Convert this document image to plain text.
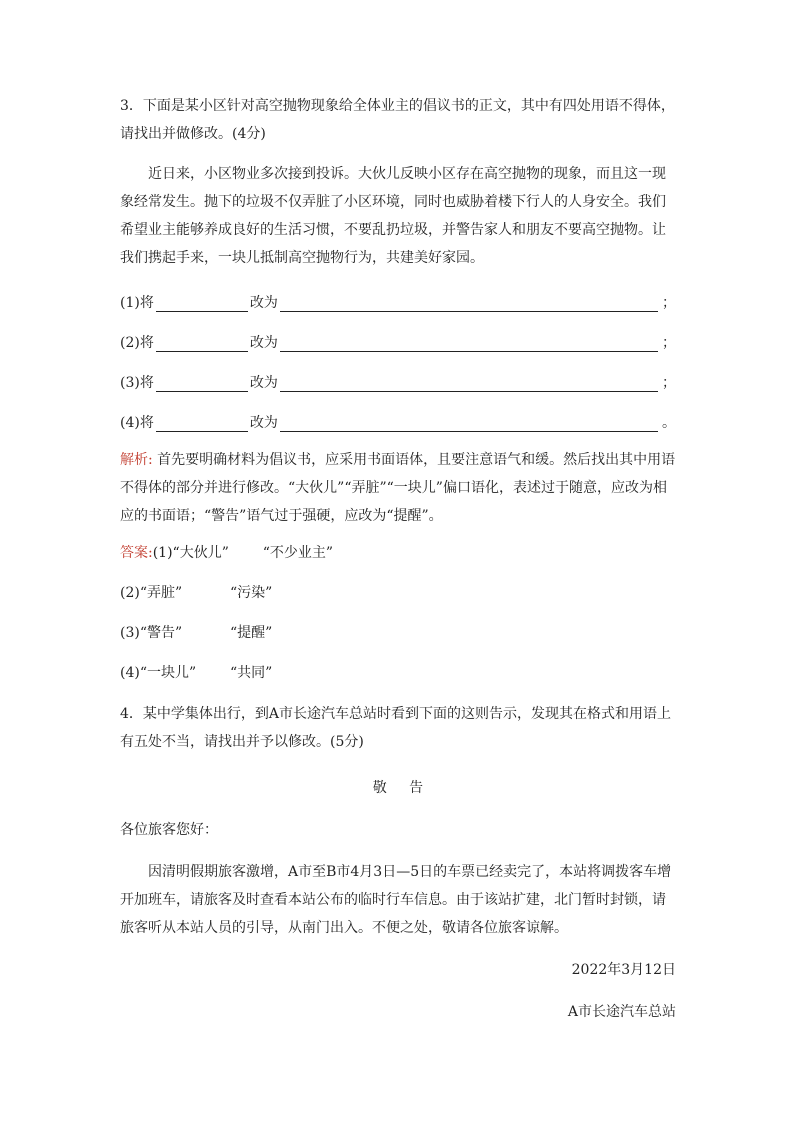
3．下面是某小区针对高空抛物现象给全体业主的倡议书的正文，其中有四处用语不得体，请找出并做修改。(4分)

近日来，小区物业多次接到投诉。大伙儿反映小区存在高空抛物的现象，而且这一现象经常发生。抛下的垃圾不仅弄脏了小区环境，同时也威胁着楼下行人的人身安全。我们希望业主能够养成良好的生活习惯，不要乱扔垃圾，并警告家人和朋友不要高空抛物。让我们携起手来，一块儿抵制高空抛物行为，共建美好家园。

(1)将	改为	；
(2)将	改为	；
(3)将	改为	；
(4)将	改为	。

解析: 首先要明确材料为倡议书，应采用书面语体，且要注意语气和缓。然后找出其中用语不得体的部分并进行修改。“大伙儿”“弄脏”“一块儿”偏口语化，表述过于随意，应改为相应的书面语；“警告”语气过于强硬，应改为“提醒”。

答案: (1)“大伙儿”	“不少业主”
(2)“弄脏”	“污染”
(3)“警告”	“提醒”
(4)“一块儿”	“共同”

4．某中学集体出行，到A市长途汽车总站时看到下面的这则告示，发现其在格式和用语上有五处不当，请找出并予以修改。(5分)

敬告

各位旅客您好：

因清明假期旅客激增，A市至B市4月3日—5日的车票已经卖完了，本站将调拨客车增开加班车，请旅客及时查看本站公布的临时行车信息。由于该站扩建，北门暂时封锁，请旅客听从本站人员的引导，从南门出入。不便之处，敬请各位旅客谅解。

2022年3月12日

A市长途汽车总站
